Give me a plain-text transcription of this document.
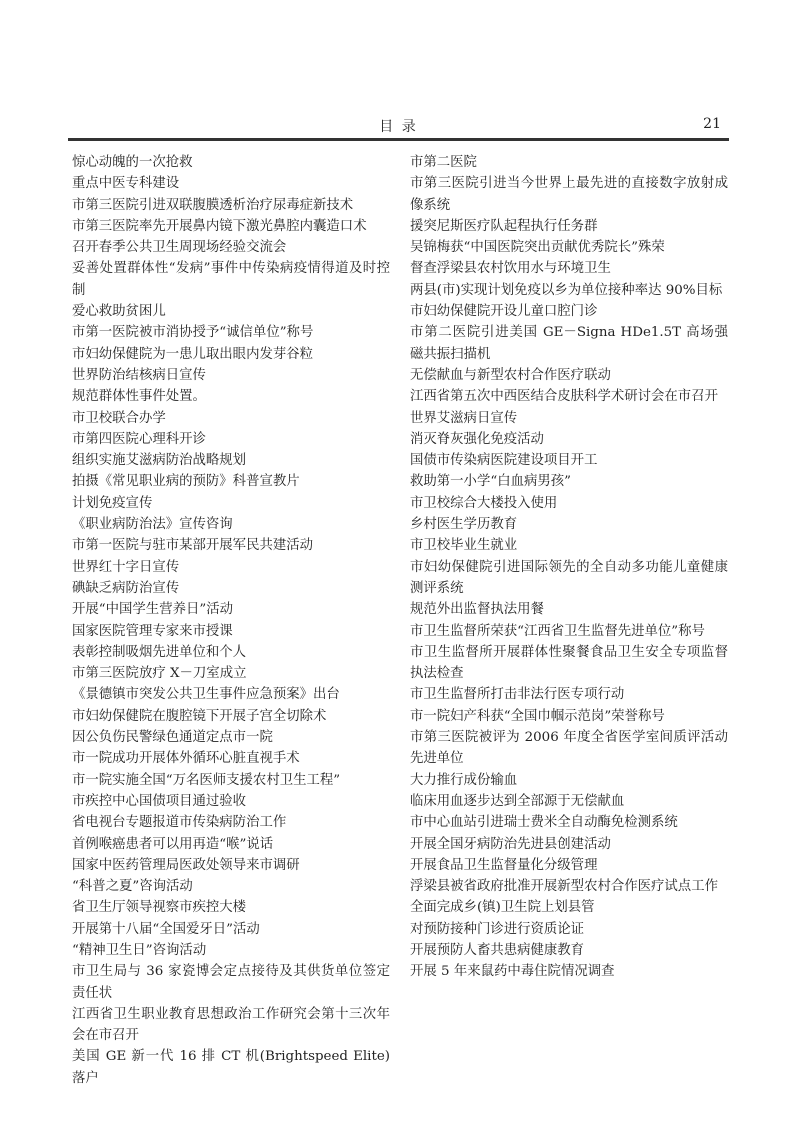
目 录	21

惊心动魄的一次抢救

重点中医专科建设

市第三医院引进双联腹膜透析治疗尿毒症新技术

市第三医院率先开展鼻内镜下激光鼻腔内囊造口术

召开春季公共卫生周现场经验交流会

妥善处置群体性“发病”事件中传染病疫情得道及时控制

爱心救助贫困儿

市第一医院被市消协授予“诚信单位”称号

市妇幼保健院为一患儿取出眼内发芽谷粒

世界防治结核病日宣传

规范群体性事件处置。

市卫校联合办学

市第四医院心理科开诊

组织实施艾滋病防治战略规划

拍摄《常见职业病的预防》科普宣教片

计划免疫宣传

《职业病防治法》宣传咨询

市第一医院与驻市某部开展军民共建活动

世界红十字日宣传

碘缺乏病防治宣传

开展“中国学生营养日”活动

国家医院管理专家来市授课

表彰控制吸烟先进单位和个人

市第三医院放疗 X－刀室成立

《景德镇市突发公共卫生事件应急预案》出台

市妇幼保健院在腹腔镜下开展子宫全切除术

因公负伤民警绿色通道定点市一院

市一院成功开展体外循环心脏直视手术

市一院实施全国“万名医师支援农村卫生工程”

市疾控中心国债项目通过验收

省电视台专题报道市传染病防治工作

首例喉癌患者可以用再造“喉”说话

国家中医药管理局医政处领导来市调研

“科普之夏”咨询活动

省卫生厅领导视察市疾控大楼

开展第十八届“全国爱牙日”活动

“精神卫生日”咨询活动

市卫生局与 36 家瓷博会定点接待及其供货单位签定责任状

江西省卫生职业教育思想政治工作研究会第十三次年会在市召开

美国 GE 新一代 16 排 CT 机(Brightspeed Elite)落户

市第二医院

市第三医院引进当今世界上最先进的直接数字放射成像系统

援突尼斯医疗队起程执行任务群

吴锦梅获“中国医院突出贡献优秀院长”殊荣

督查浮梁县农村饮用水与环境卫生

两县(市)实现计划免疫以乡为单位接种率达 90%目标

市妇幼保健院开设儿童口腔门诊

市第二医院引进美国 GE－Signa HDe1.5T 高场强磁共振扫描机

无偿献血与新型农村合作医疗联动

江西省第五次中西医结合皮肤科学术研讨会在市召开

世界艾滋病日宣传

消灭脊灰强化免疫活动

国债市传染病医院建设项目开工

救助第一小学“白血病男孩”

市卫校综合大楼投入使用

乡村医生学历教育

市卫校毕业生就业

市妇幼保健院引进国际领先的全自动多功能儿童健康测评系统

规范外出监督执法用餐

市卫生监督所荣获“江西省卫生监督先进单位”称号

市卫生监督所开展群体性聚餐食品卫生安全专项监督执法检查

市卫生监督所打击非法行医专项行动

市一院妇产科获“全国巾帼示范岗”荣誉称号

市第三医院被评为 2006 年度全省医学室间质评活动先进单位

大力推行成份输血

临床用血逐步达到全部源于无偿献血

市中心血站引进瑞士费米全自动酶免检测系统

开展全国牙病防治先进县创建活动

开展食品卫生监督量化分级管理

浮梁县被省政府批准开展新型农村合作医疗试点工作

全面完成乡(镇)卫生院上划县管

对预防接种门诊进行资质论证

开展预防人畜共患病健康教育

开展 5 年来鼠药中毒住院情况调查
